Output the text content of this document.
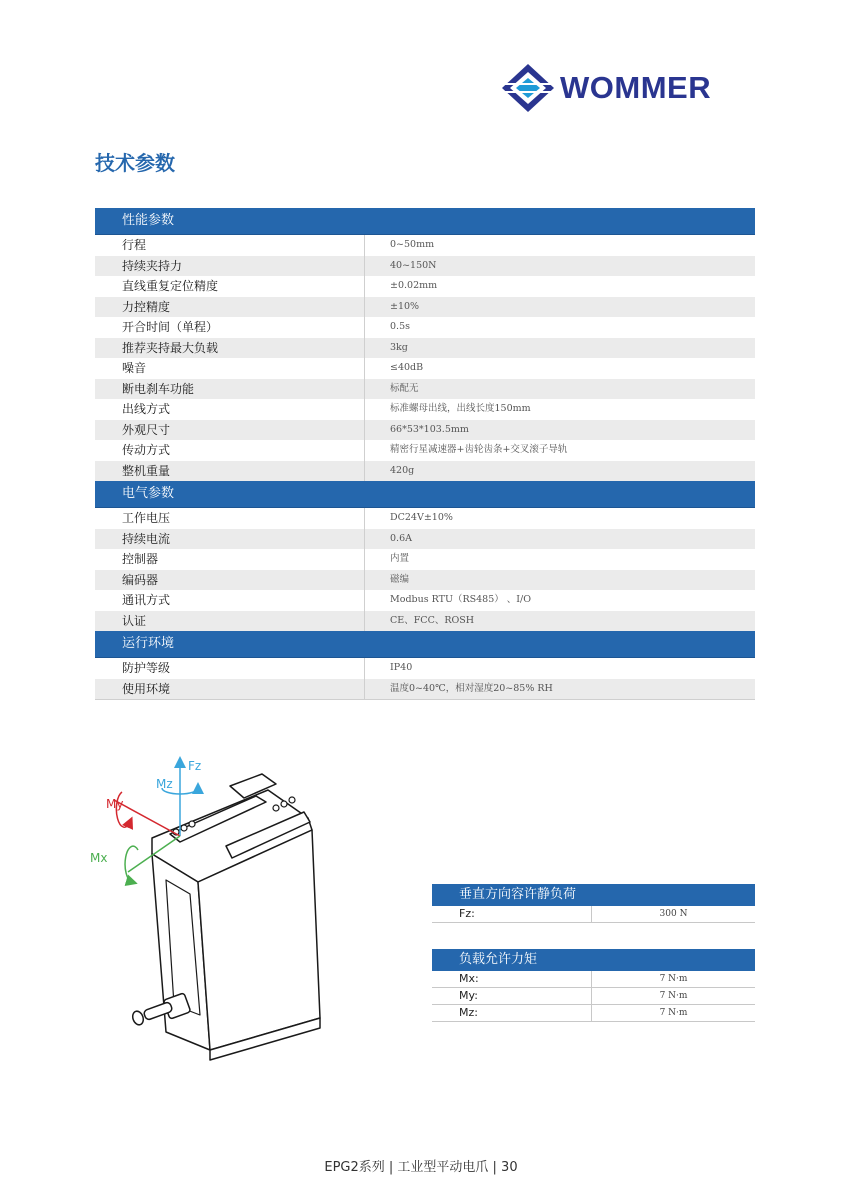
WOMMER
技术参数
性能参数
行程	0~50mm
持续夹持力	40~150N
直线重复定位精度	±0.02mm
力控精度	±10%
开合时间（单程）	0.5s
推荐夹持最大负载	3kg
噪音	≤40dB
断电刹车功能	标配无
出线方式	标准螺母出线，出线长度150mm
外观尺寸	66*53*103.5mm
传动方式	精密行星减速器+齿轮齿条+交叉滚子导轨
整机重量	420g
电气参数
工作电压	DC24V±10%
持续电流	0.6A
控制器	内置
编码器	磁编
通讯方式	Modbus RTU（RS485） 、I/O
认证	CE、FCC、ROSH
运行环境
防护等级	IP40
使用环境	温度0~40℃，相对湿度20~85% RH
Fz
Mz
My
Mx
垂直方向容许静负荷
Fz:	300 N
负载允许力矩
Mx:	7 N·m
My:	7 N·m
Mz:	7 N·m
EPG2系列 | 工业型平动电爪 | 30
